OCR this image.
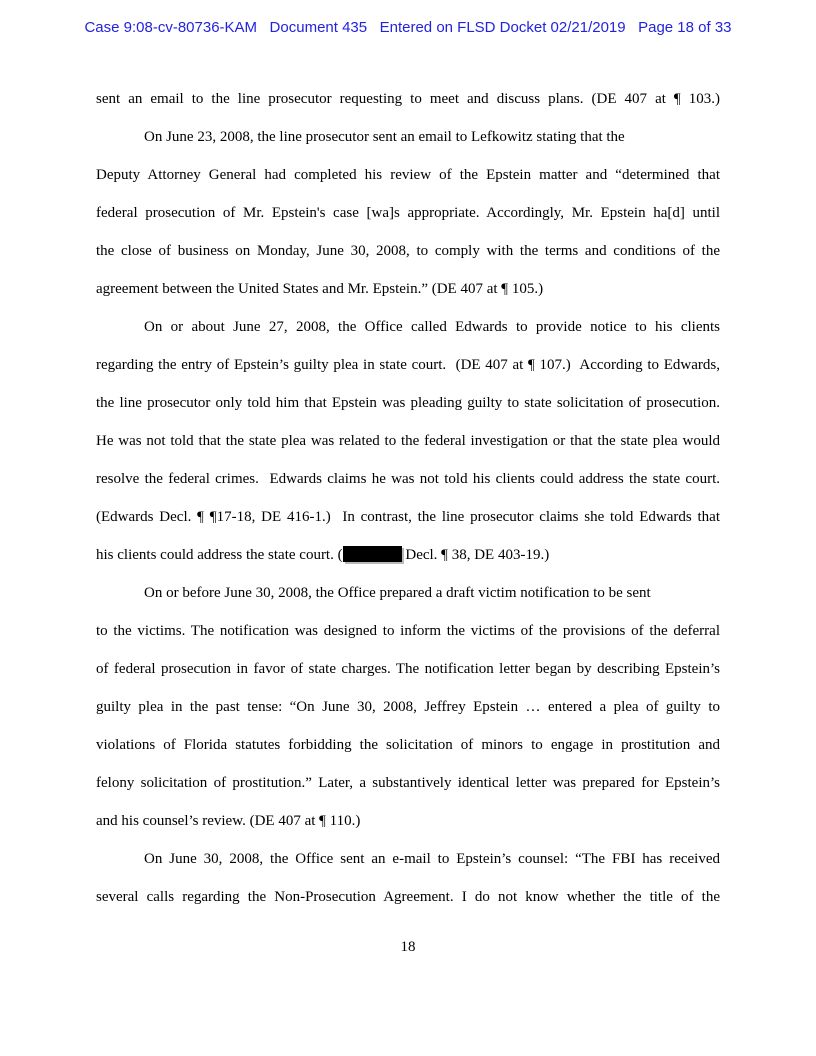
Case 9:08-cv-80736-KAM   Document 435   Entered on FLSD Docket 02/21/2019   Page 18 of 33
sent an email to the line prosecutor requesting to meet and discuss plans. (DE 407 at ¶ 103.)
On June 23, 2008, the line prosecutor sent an email to Lefkowitz stating that the
Deputy Attorney General had completed his review of the Epstein matter and “determined that
federal prosecution of Mr. Epstein's case [wa]s appropriate. Accordingly, Mr. Epstein ha[d] until
the close of business on Monday, June 30, 2008, to comply with the terms and conditions of the
agreement between the United States and Mr. Epstein.” (DE 407 at ¶ 105.)
On or about June 27, 2008, the Office called Edwards to provide notice to his clients
regarding the entry of Epstein’s guilty plea in state court.  (DE 407 at ¶ 107.)  According to Edwards,
the line prosecutor only told him that Epstein was pleading guilty to state solicitation of prosecution.
He was not told that the state plea was related to the federal investigation or that the state plea would
resolve the federal crimes.  Edwards claims he was not told his clients could address the state court.
(Edwards Decl. ¶ ¶17-18, DE 416-1.)  In contrast, the line prosecutor claims she told Edwards that
his clients could address the state court. (	Decl. ¶ 38, DE 403-19.)
On or before June 30, 2008, the Office prepared a draft victim notification to be sent
to the victims. The notification was designed to inform the victims of the provisions of the deferral
of federal prosecution in favor of state charges. The notification letter began by describing Epstein’s
guilty plea in the past tense: “On June 30, 2008, Jeffrey Epstein … entered a plea of guilty to
violations of Florida statutes forbidding the solicitation of minors to engage in prostitution and
felony solicitation of prostitution.” Later, a substantively identical letter was prepared for Epstein’s
and his counsel’s review. (DE 407 at ¶ 110.)
On June 30, 2008, the Office sent an e-mail to Epstein’s counsel: “The FBI has received
several calls regarding the Non-Prosecution Agreement. I do not know whether the title of the
18
